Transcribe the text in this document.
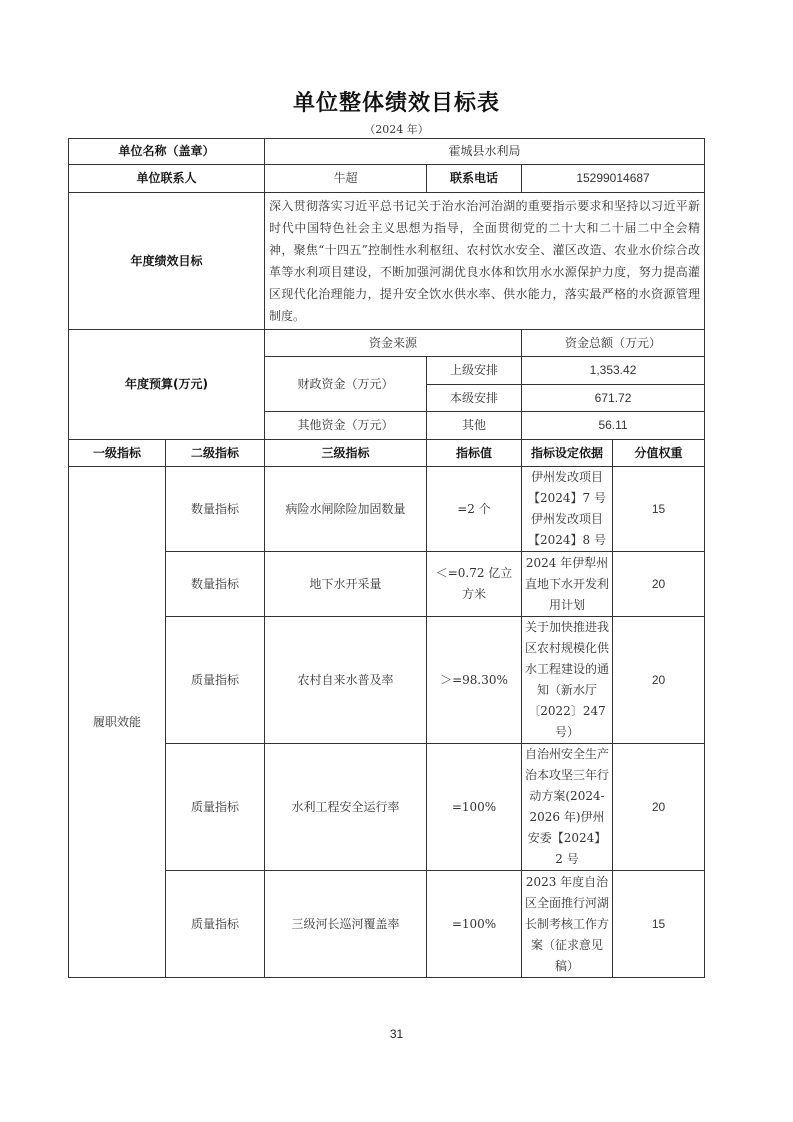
单位整体绩效目标表
（2024 年）
单位名称（盖章）		霍城县水利局			
单位联系人		牛超	联系电话	15299014687	
年度绩效目标		深入贯彻落实习近平总书记关于治水治河治湖的重要指示要求和坚持以习近平新时代中国特色社会主义思想为指导，全面贯彻党的二十大和二十届二中全会精神，聚焦“十四五”控制性水利枢纽、农村饮水安全、灌区改造、农业水价综合改革等水利项目建设，不断加强河湖优良水体和饮用水水源保护力度，努力提高灌区现代化治理能力，提升安全饮水供水率、供水能力，落实最严格的水资源管理制度。			
年度预算(万元)		资金来源		资金总额（万元）	
		财政资金（万元）	上级安排	1,353.42	
			本级安排	671.72	
		其他资金（万元）	其他	56.11	
一级指标	二级指标	三级指标	指标值	指标设定依据	分值权重
履职效能	数量指标	病险水闸除险加固数量	=2 个	伊州发改项目【2024】7 号伊州发改项目【2024】8 号	15
	数量指标	地下水开采量	＜=0.72 亿立方米	2024 年伊犁州直地下水开发利用计划	20
	质量指标	农村自来水普及率	＞=98.30%	关于加快推进我区农村规模化供水工程建设的通知（新水厅〔2022〕247 号）	20
	质量指标	水利工程安全运行率	=100%	自治州安全生产治本攻坚三年行动方案(2024-2026 年)伊州安委【2024】2 号	20
	质量指标	三级河长巡河覆盖率	=100%	2023 年度自治区全面推行河湖长制考核工作方案（征求意见稿）	15
31
